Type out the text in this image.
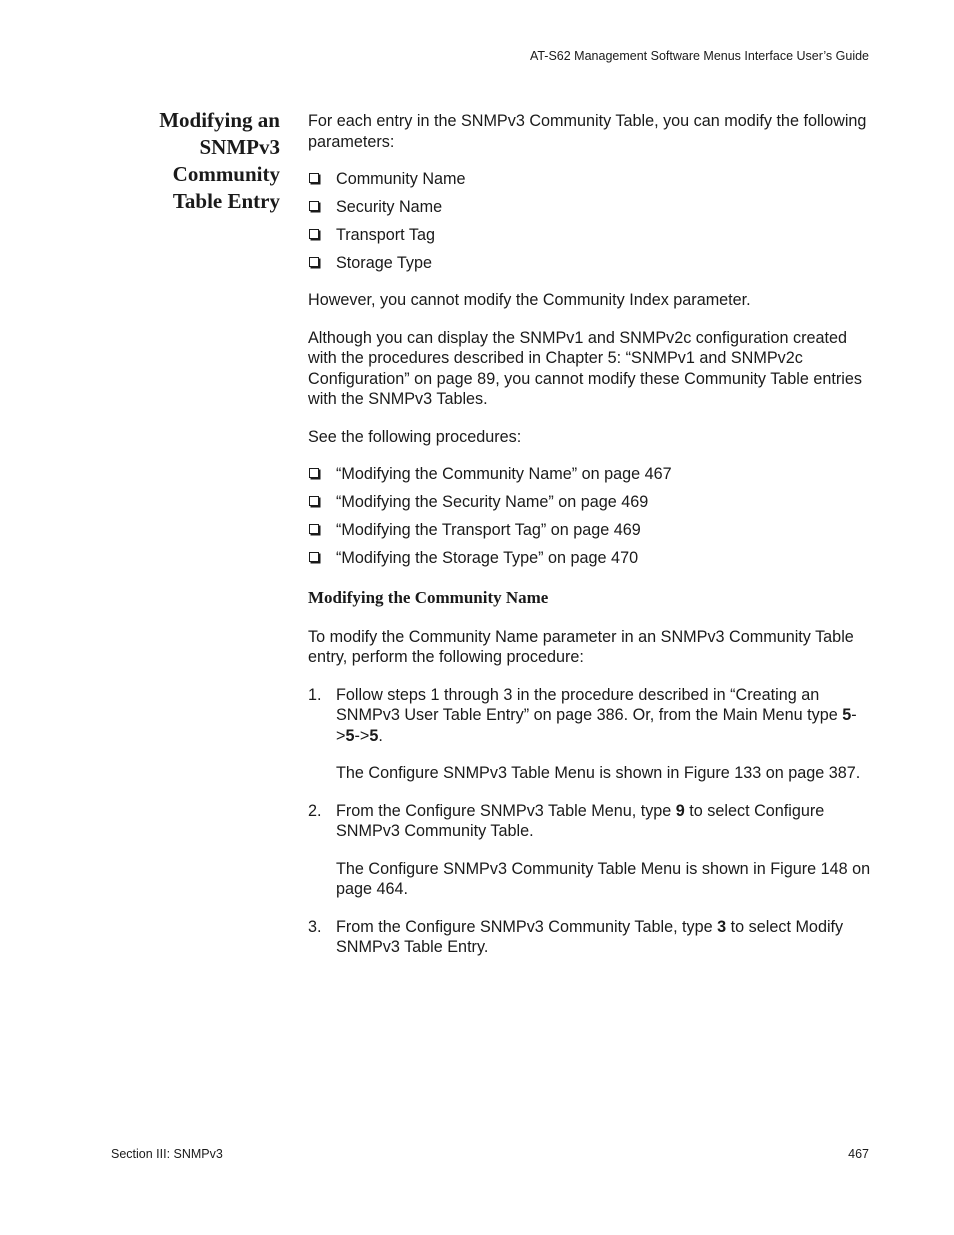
AT-S62 Management Software Menus Interface User’s Guide
Modifying an
SNMPv3
Community
Table Entry

For each entry in the SNMPv3 Community Table, you can modify the following parameters:

Community Name
Security Name
Transport Tag
Storage Type

However, you cannot modify the Community Index parameter.

Although you can display the SNMPv1 and SNMPv2c configuration created with the procedures described in Chapter 5: “SNMPv1 and SNMPv2c Configuration” on page 89, you cannot modify these Community Table entries with the SNMPv3 Tables.

See the following procedures:

“Modifying the Community Name” on page 467
“Modifying the Security Name” on page 469
“Modifying the Transport Tag” on page 469
“Modifying the Storage Type” on page 470
Modifying the Community Name

To modify the Community Name parameter in an SNMPv3 Community Table entry, perform the following procedure:

1. Follow steps 1 through 3 in the procedure described in “Creating an SNMPv3 User Table Entry” on page 386. Or, from the Main Menu type 5->5->5.
The Configure SNMPv3 Table Menu is shown in Figure 133 on page 387.
2. From the Configure SNMPv3 Table Menu, type 9 to select Configure SNMPv3 Community Table.
The Configure SNMPv3 Community Table Menu is shown in Figure 148 on page 464.
3. From the Configure SNMPv3 Community Table, type 3 to select Modify SNMPv3 Table Entry.
Section III: SNMPv3	467
